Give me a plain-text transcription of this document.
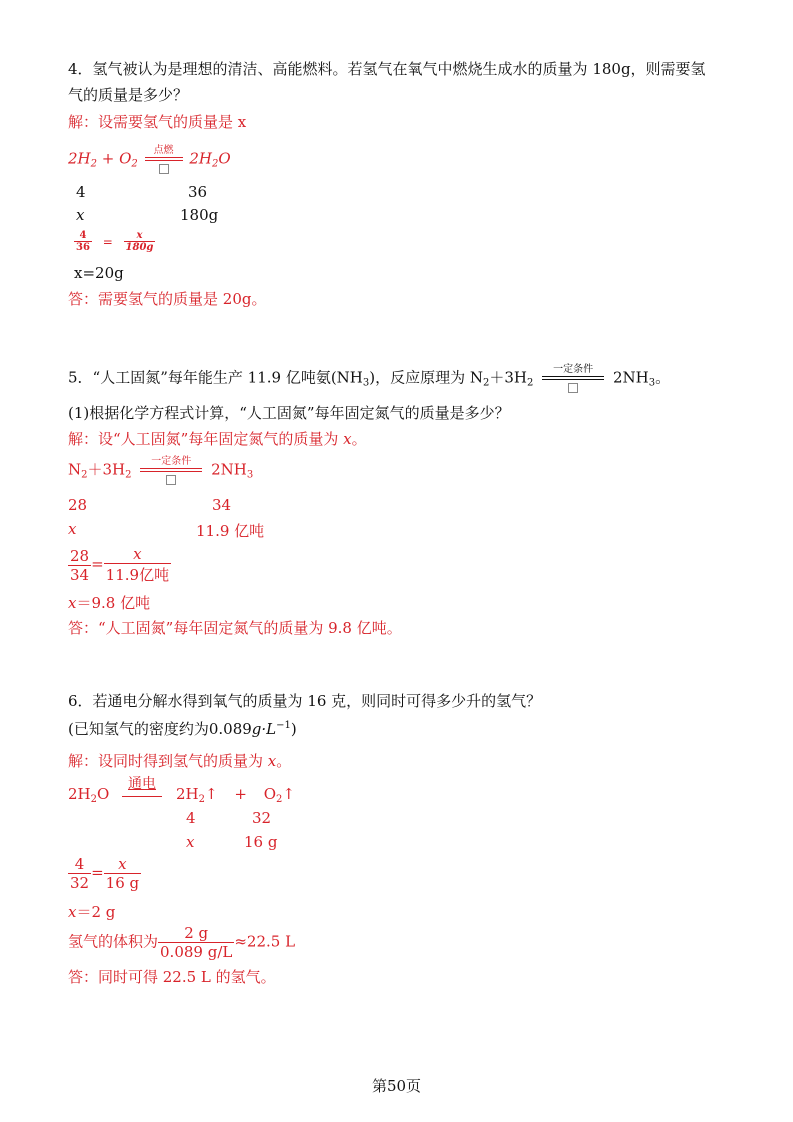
4．氢气被认为是理想的清洁、高能燃料。若氢气在氧气中燃烧生成水的质量为 180g，则需要氢
气的质量是多少？
解：设需要氢气的质量是 x
$2H_2 + O_2$
点燃	$2H_2O$
4	36
x	180g
$\frac{4}{36} = \frac{x}{180g}$
x=20g
答：需要氢气的质量是 20g。
5．“人工固氮”每年能生产 11.9 亿吨氨$(NH_3)$，反应原理为 $N_2+3H_2$
一定条件	$2NH_3$。
(1)根据化学方程式计算，“人工固氮”每年固定氮气的质量是多少？
解：设“人工固氮”每年固定氮气的质量为 x。
$N_2+3H_2$
一定条件	$2NH_3$
28	34
x	11.9 亿吨
$\frac{28}{34} = \frac{x}{\text{11.9亿吨}}$
x＝9.8 亿吨
答：“人工固氮”每年固定氮气的质量为 9.8 亿吨。
6．若通电分解水得到氧气的质量为 16 克，则同时可得多少升的氢气？
(已知氢气的密度约为$0.089g\cdot L^{-1}$)
解：设同时得到氢气的质量为 x。
$2H_2O$
通电
$2H_2↑$ + $O_2↑$
4	32
x	16 g
$\frac{4}{32} = \frac{x}{16 g}$
x＝2 g
氢气的体积为 $\frac{2 g}{0.089 g/L} \approx 22.5$ L
答：同时可得 22.5 L 的氢气。
第50页
